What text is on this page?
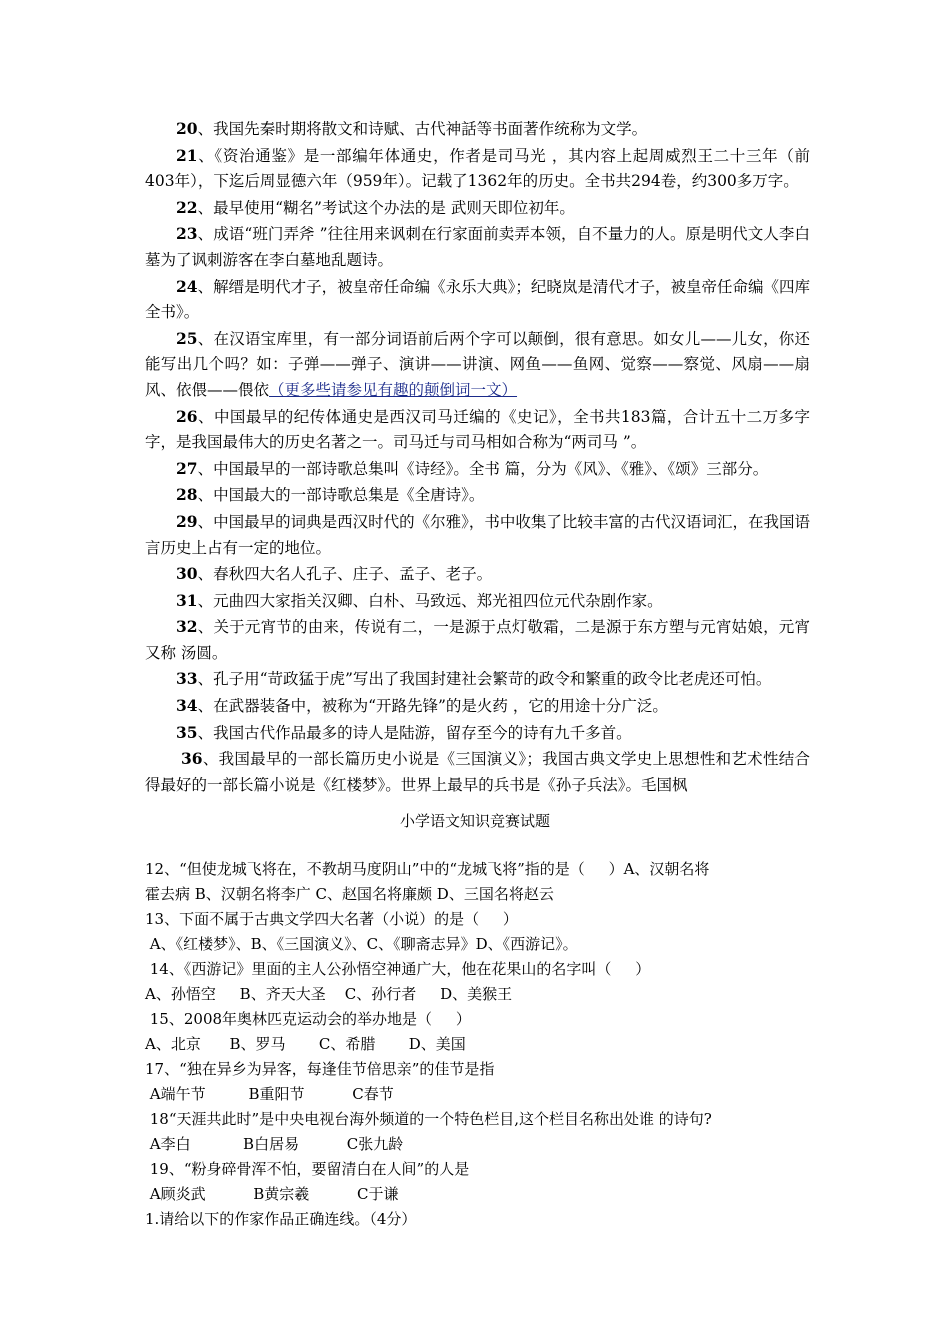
20、我国先秦时期将散文和诗赋、古代神話等书面著作统称为文学。

21、《资治通鉴》是一部编年体通史，作者是司马光 ，其内容上起周威烈王二十三年（前403年），下迄后周显德六年（959年）。记载了1362年的历史。全书共294卷，约300多万字。

22、最早使用“糊名”考试这个办法的是 武则天即位初年。

23、成语“班门弄斧 ”往往用来讽刺在行家面前卖弄本领，自不量力的人。原是明代文人李白墓为了讽刺游客在李白墓地乱题诗。

24、解缙是明代才子，被皇帝任命编《永乐大典》；纪晓岚是清代才子，被皇帝任命编《四库全书》。

25、在汉语宝库里，有一部分词语前后两个字可以颠倒，很有意思。如女儿——儿女，你还能写出几个吗？如：子弹——弹子、演讲——讲演、网鱼——鱼网、觉察——察觉、风扇——扇风、依偎——偎依（更多些请参见有趣的颠倒词一文）

26、中国最早的纪传体通史是西汉司马迁编的《史记》，全书共183篇，合计五十二万多字字，是我国最伟大的历史名著之一。司马迁与司马相如合称为“两司马 ”。

27、中国最早的一部诗歌总集叫《诗经》。全书 篇，分为《风》、《雅》、《颂》三部分。

28、中国最大的一部诗歌总集是《全唐诗》。

29、中国最早的词典是西汉时代的《尔雅》，书中收集了比较丰富的古代汉语词汇，在我国语言历史上占有一定的地位。

30、春秋四大名人孔子、庄子、孟子、老子。

31、元曲四大家指关汉卿、白朴、马致远、郑光祖四位元代杂剧作家。

32、关于元宵节的由来，传说有二，一是源于点灯敬霜，二是源于东方塑与元宵姑娘，元宵又称 汤圆。

33、孔子用“苛政猛于虎”写出了我国封建社会繁苛的政令和繁重的政令比老虎还可怕。

34、在武器装备中，被称为“开路先锋”的是火药 ，它的用途十分广泛。

35、我国古代作品最多的诗人是陆游，留存至今的诗有九千多首。

36、我国最早的一部长篇历史小说是《三国演义》；我国古典文学史上思想性和艺术性结合得最好的一部长篇小说是《红楼梦》。世界上最早的兵书是《孙子兵法》。毛国枫

小学语文知识竞赛试题

12、“但使龙城飞将在，不教胡马度阴山”中的“龙城飞将”指的是（     ）A、汉朝名将

霍去病 B、汉朝名将李广 C、赵国名将廉颇 D、三国名将赵云

13、下面不属于古典文学四大名著（小说）的是（     ）

A、《红楼梦》、B、《三国演义》、C、《聊斋志异》D、《西游记》。

14、《西游记》里面的主人公孙悟空神通广大，他在花果山的名字叫（     ）

A、孙悟空     B、齐天大圣    C、孙行者     D、美猴王

15、2008年奥林匹克运动会的举办地是（     ）

A、北京      B、罗马       C、希腊       D、美国

17、“独在异乡为异客，每逢佳节倍思亲”的佳节是指

A端午节         B重阳节          C春节

18“天涯共此时”是中央电视台海外频道的一个特色栏目,这个栏目名称出处谁 的诗句?

A李白           B白居易          C张九龄

19、“粉身碎骨浑不怕，要留清白在人间”的人是

A顾炎武          B黄宗羲          C于谦

1.请给以下的作家作品正确连线。（4分）
